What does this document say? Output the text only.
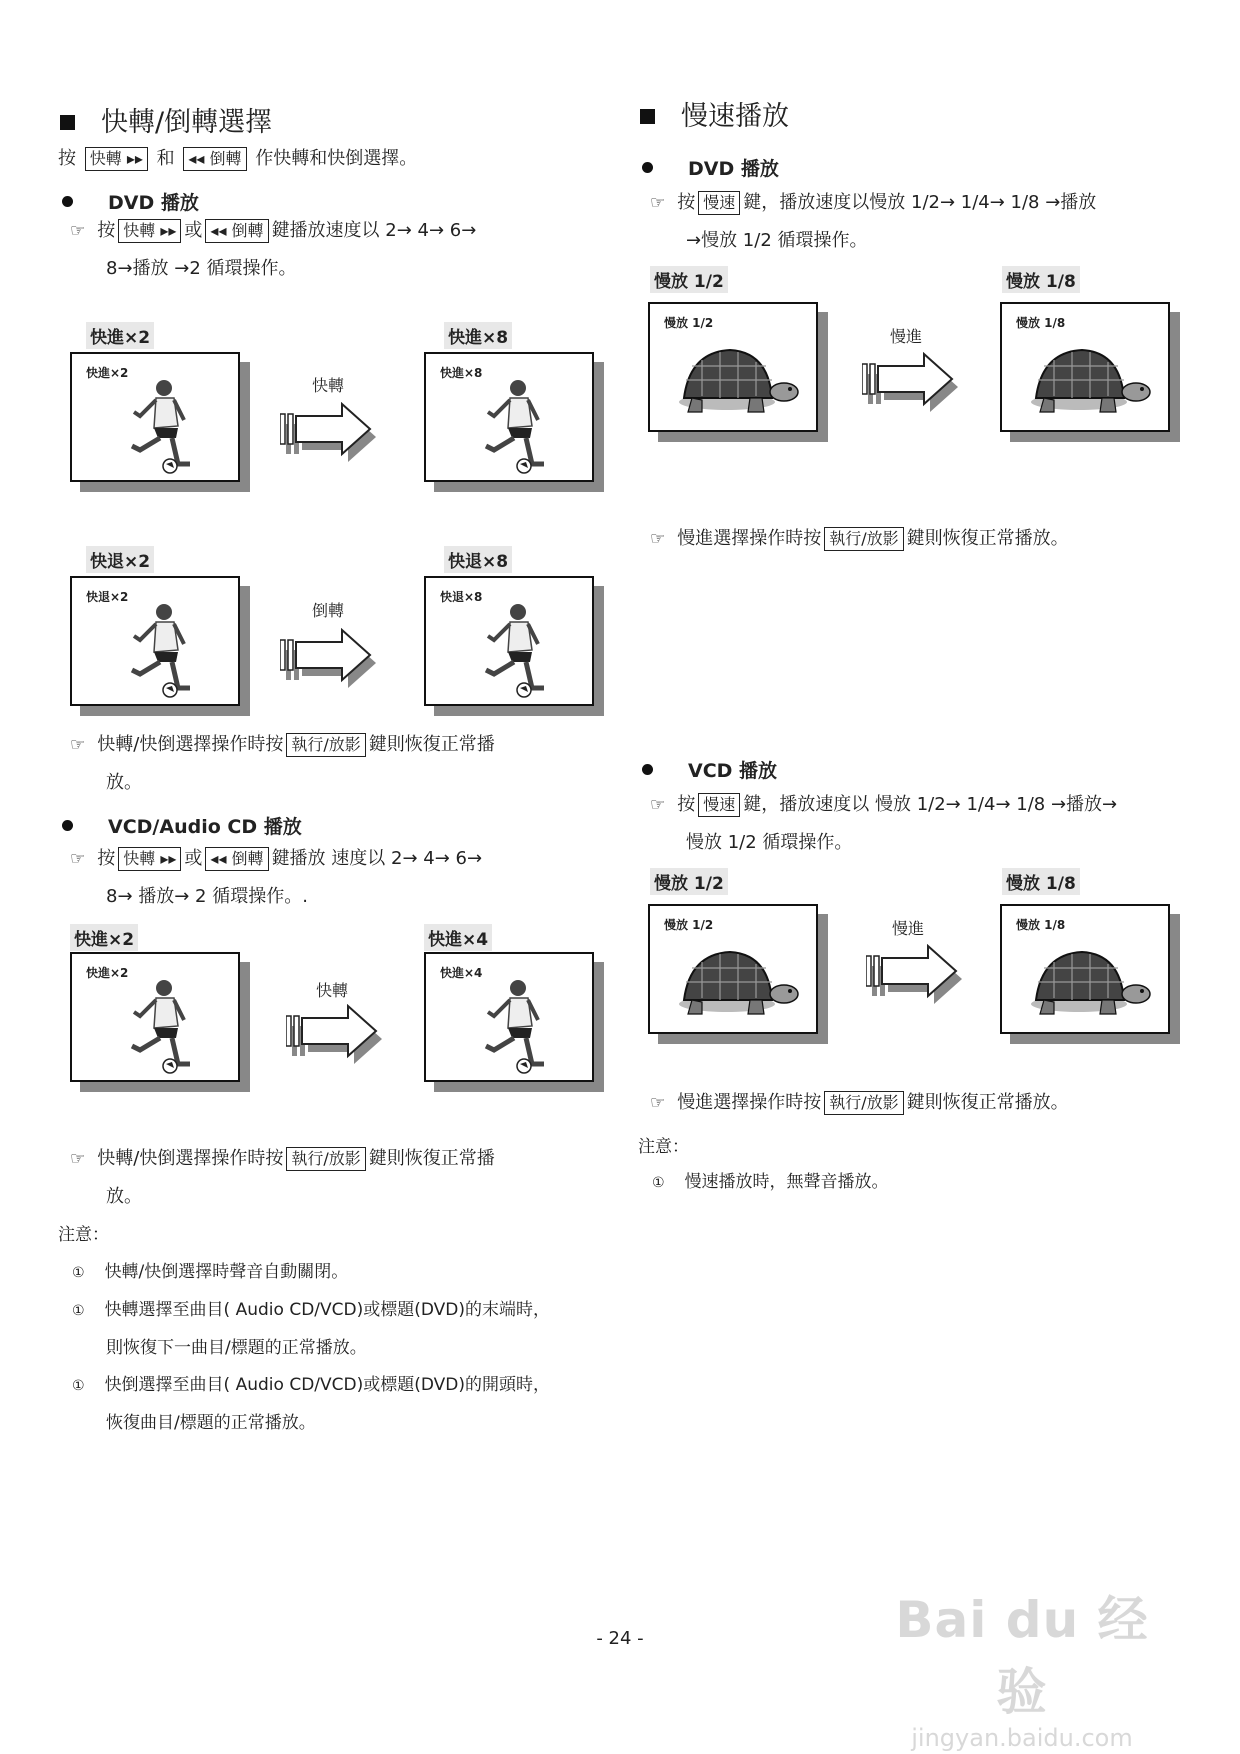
快轉/倒轉選擇
按 快轉 ▸▸ 和 ◂◂ 倒轉 作快轉和快倒選擇。
DVD 播放
☞ 按 快轉 ▸▸ 或 ◂◂ 倒轉 鍵播放速度以 2→ 4→ 6→
8→播放 →2 循環操作。
快進×2	快進×8
快進×2
快轉
快進×8
快退×2	快退×8
快退×2
倒轉
快退×8
☞ 快轉/快倒選擇操作時按 執行/放影 鍵則恢復正常播
放。
VCD/Audio CD 播放
☞ 按 快轉 ▸▸ 或 ◂◂ 倒轉 鍵播放 速度以 2→ 4→ 6→
8→ 播放→ 2 循環操作。.
快進×2	快進×4
快進×2
快轉
快進×4
☞ 快轉/快倒選擇操作時按 執行/放影 鍵則恢復正常播
放。
注意：
① 快轉/快倒選擇時聲音自動關閉。
① 快轉選擇至曲目( Audio CD/VCD)或標題(DVD)的末端時，
則恢復下一曲目/標題的正常播放。
① 快倒選擇至曲目( Audio CD/VCD)或標題(DVD)的開頭時，
恢復曲目/標題的正常播放。
慢速播放
DVD 播放
☞ 按 慢速 鍵，播放速度以慢放 1/2→ 1/4→ 1/8 →播放
→慢放 1/2 循環操作。
慢放 1/2	慢放 1/8
慢放 1/2
慢進
慢放 1/8
☞ 慢進選擇操作時按 執行/放影 鍵則恢復正常播放。
VCD 播放
☞ 按 慢速 鍵，播放速度以 慢放 1/2→ 1/4→ 1/8 →播放→
慢放 1/2 循環操作。
慢放 1/2	慢放 1/8
慢放 1/2	慢進	慢放 1/8
☞ 慢進選擇操作時按 執行/放影 鍵則恢復正常播放。
注意：
① 慢速播放時，無聲音播放。
- 24 -	Bai du 经验
jingyan.baidu.com
